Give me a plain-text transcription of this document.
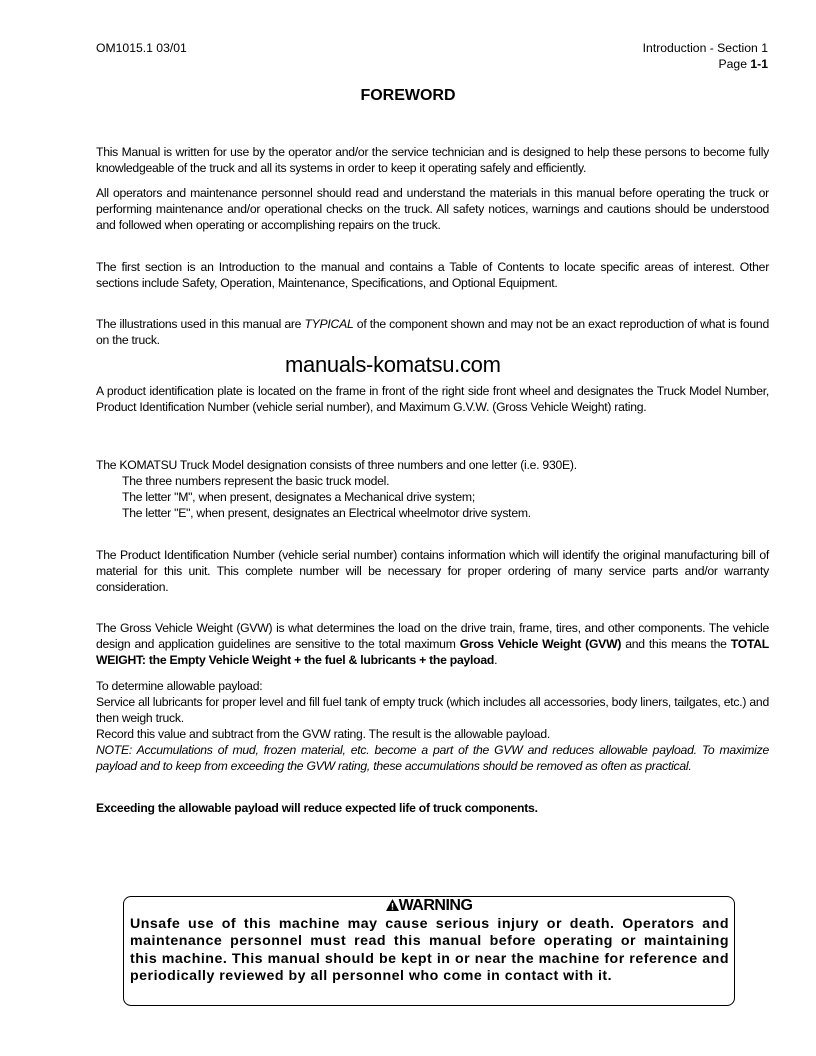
OM1015.1 03/01	Introduction - Section 1
Page 1-1
FOREWORD
This Manual is written for use by the operator and/or the service technician and is designed to help these persons to become fully knowledgeable of the truck and all its systems in order to keep it operating safely and efficiently.
All operators and maintenance personnel should read and understand the materials in this manual before operating the truck or performing maintenance and/or operational checks on the truck. All safety notices, warnings and cautions should be understood and followed when operating or accomplishing repairs on the truck.
The first section is an Introduction to the manual and contains a Table of Contents to locate specific areas of interest. Other sections include Safety, Operation, Maintenance, Specifications, and Optional Equipment.
The illustrations used in this manual are TYPICAL of the component shown and may not be an exact reproduction of what is found on the truck.
A product identification plate is located on the frame in front of the right side front wheel and designates the Truck Model Number, Product Identification Number (vehicle serial number), and Maximum G.V.W. (Gross Vehicle Weight) rating.
The KOMATSU Truck Model designation consists of three numbers and one letter (i.e. 930E).
The three numbers represent the basic truck model.
The letter "M", when present, designates a Mechanical drive system;
The letter "E", when present, designates an Electrical wheelmotor drive system.
The Product Identification Number (vehicle serial number) contains information which will identify the original manufacturing bill of material for this unit. This complete number will be necessary for proper ordering of many service parts and/or warranty consideration.
The Gross Vehicle Weight (GVW) is what determines the load on the drive train, frame, tires, and other components. The vehicle design and application guidelines are sensitive to the total maximum Gross Vehicle Weight (GVW) and this means the TOTAL WEIGHT: the Empty Vehicle Weight + the fuel & lubricants + the payload.
To determine allowable payload:
Service all lubricants for proper level and fill fuel tank of empty truck (which includes all accessories, body liners, tailgates, etc.) and then weigh truck.
Record this value and subtract from the GVW rating. The result is the allowable payload.
NOTE: Accumulations of mud, frozen material, etc. become a part of the GVW and reduces allowable payload. To maximize payload and to keep from exceeding the GVW rating, these accumulations should be removed as often as practical.
Exceeding the allowable payload will reduce expected life of truck components.
manuals-komatsu.com
WARNING
Unsafe use of this machine may cause serious injury or death. Operators and maintenance personnel must read this manual before operating or maintaining this machine. This manual should be kept in or near the machine for reference and periodically reviewed by all personnel who come in contact with it.
